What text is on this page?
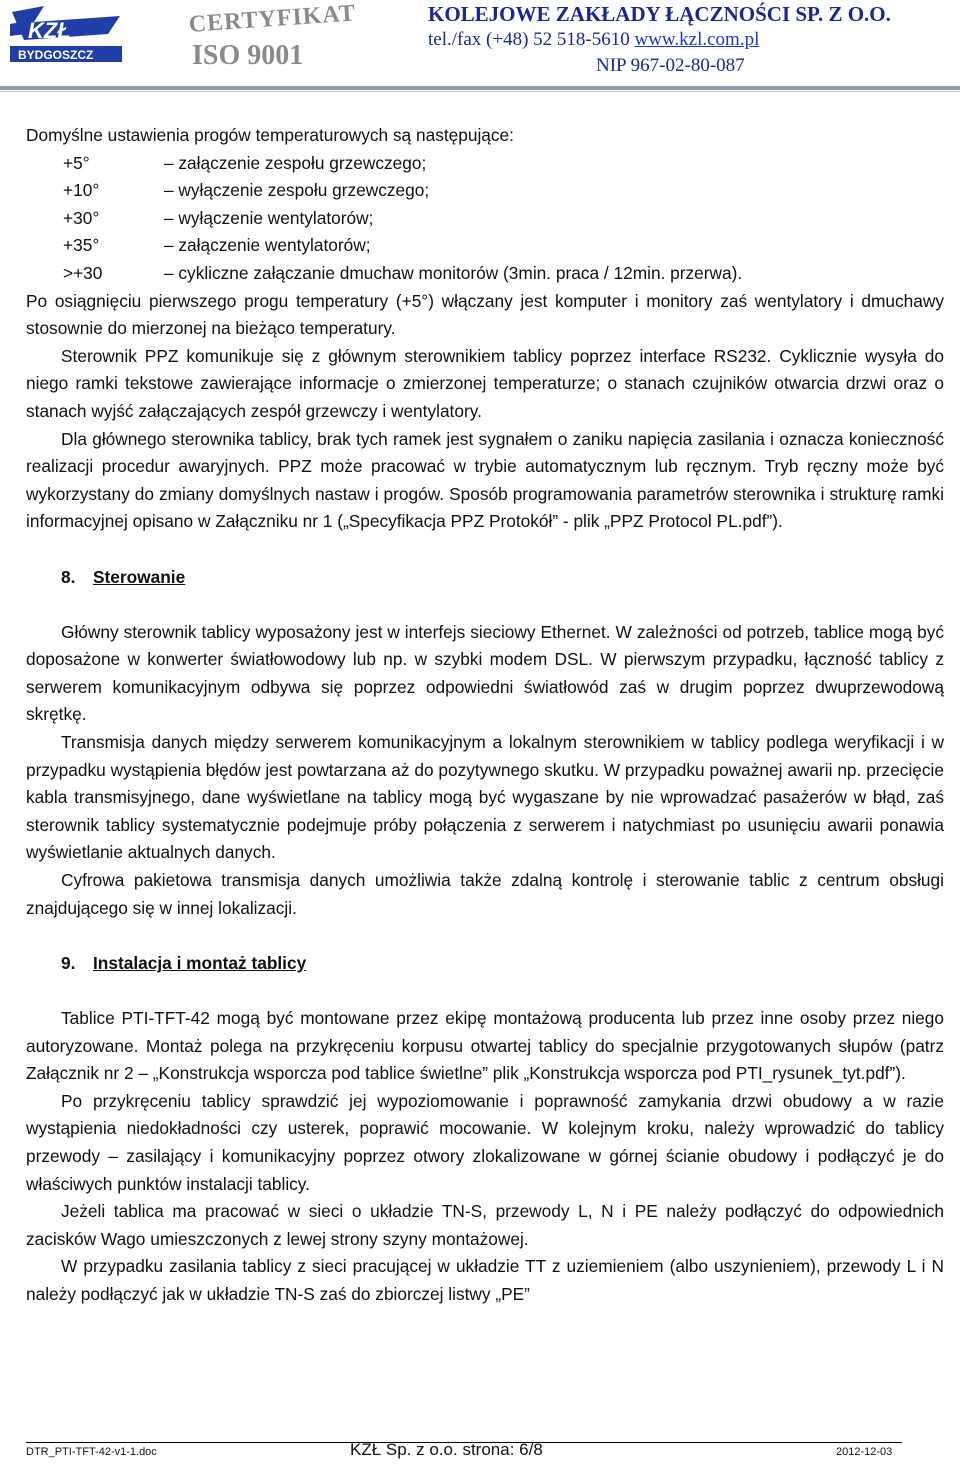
KZŁ
BYDGOSZCZ
CERTYFIKAT
ISO 9001
KOLEJOWE ZAKŁADY ŁĄCZNOŚCI SP. Z O.O.
tel./fax (+48) 52 518-5610 www.kzl.com.pl
NIP 967-02-80-087

Domyślne ustawienia progów temperaturowych są następujące:

+5°	– załączenie zespołu grzewczego;
+10°	– wyłączenie zespołu grzewczego;
+30°	– wyłączenie wentylatorów;
+35°	– załączenie wentylatorów;
>+30	– cykliczne załączanie dmuchaw monitorów (3min. praca / 12min. przerwa).

Po osiągnięciu pierwszego progu temperatury (+5°) włączany jest komputer i monitory zaś wentylatory i dmuchawy stosownie do mierzonej na bieżąco temperatury.

Sterownik PPZ komunikuje się z głównym sterownikiem tablicy poprzez interface RS232. Cyklicznie wysyła do niego ramki tekstowe zawierające informacje o zmierzonej temperaturze; o stanach czujników otwarcia drzwi oraz o stanach wyjść załączających zespół grzewczy i wentylatory.

Dla głównego sterownika tablicy, brak tych ramek jest sygnałem o zaniku napięcia zasilania i oznacza konieczność realizacji procedur awaryjnych. PPZ może pracować w trybie automatycznym lub ręcznym. Tryb ręczny może być wykorzystany do zmiany domyślnych nastaw i progów. Sposób programowania parametrów sterownika i strukturę ramki informacyjnej opisano w Załączniku nr 1 („Specyfikacja PPZ Protokół” - plik „PPZ Protocol PL.pdf”).

8. Sterowanie

Główny sterownik tablicy wyposażony jest w interfejs sieciowy Ethernet. W zależności od potrzeb, tablice mogą być doposażone w konwerter światłowodowy lub np. w szybki modem DSL. W pierwszym przypadku, łączność tablicy z serwerem komunikacyjnym odbywa się poprzez odpowiedni światłowód zaś w drugim poprzez dwuprzewodową skrętkę.

Transmisja danych między serwerem komunikacyjnym a lokalnym sterownikiem w tablicy podlega weryfikacji i w przypadku wystąpienia błędów jest powtarzana aż do pozytywnego skutku. W przypadku poważnej awarii np. przecięcie kabla transmisyjnego, dane wyświetlane na tablicy mogą być wygaszane by nie wprowadzać pasażerów w błąd, zaś sterownik tablicy systematycznie podejmuje próby połączenia z serwerem i natychmiast po usunięciu awarii ponawia wyświetlanie aktualnych danych.

Cyfrowa pakietowa transmisja danych umożliwia także zdalną kontrolę i sterowanie tablic z centrum obsługi znajdującego się w innej lokalizacji.

9. Instalacja i montaż tablicy

Tablice PTI-TFT-42 mogą być montowane przez ekipę montażową producenta lub przez inne osoby przez niego autoryzowane. Montaż polega na przykręceniu korpusu otwartej tablicy do specjalnie przygotowanych słupów (patrz Załącznik nr 2 – „Konstrukcja wsporcza pod tablice świetlne” plik „Konstrukcja wsporcza pod PTI_rysunek_tyt.pdf”).

Po przykręceniu tablicy sprawdzić jej wypoziomowanie i poprawność zamykania drzwi obudowy a w razie wystąpienia niedokładności czy usterek, poprawić mocowanie. W kolejnym kroku, należy wprowadzić do tablicy przewody – zasilający i komunikacyjny poprzez otwory zlokalizowane w górnej ścianie obudowy i podłączyć je do właściwych punktów instalacji tablicy.

Jeżeli tablica ma pracować w sieci o układzie TN-S, przewody L, N i PE należy podłączyć do odpowiednich zacisków Wago umieszczonych z lewej strony szyny montażowej.

W przypadku zasilania tablicy z sieci pracującej w układzie TT z uziemieniem (albo uszynieniem), przewody L i N należy podłączyć jak w układzie TN-S zaś do zbiorczej listwy „PE”

DTR_PTI-TFT-42-v1-1.doc	KZŁ Sp. z o.o. strona: 6/8	2012-12-03
